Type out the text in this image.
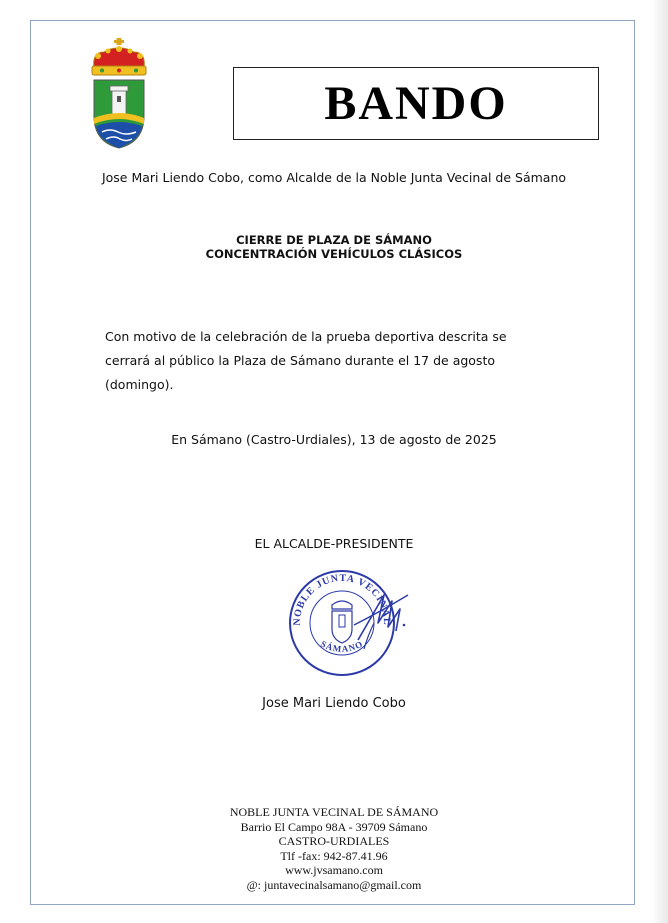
BANDO
Jose Mari Liendo Cobo, como Alcalde de la Noble Junta Vecinal de Sámano
CIERRE DE PLAZA DE SÁMANO
CONCENTRACIÓN VEHÍCULOS CLÁSICOS
Con motivo de la celebración de la prueba deportiva descrita se cerrará al público la Plaza de Sámano durante el 17 de agosto (domingo).
En Sámano (Castro-Urdiales), 13 de agosto de 2025
EL ALCALDE-PRESIDENTE
NOBLE JUNTA VECINAL
SÁMANO
Jose Mari Liendo Cobo
NOBLE JUNTA VECINAL DE SÁMANO
Barrio El Campo 98A - 39709 Sámano
CASTRO-URDIALES
Tlf -fax: 942-87.41.96
www.jvsamano.com
@: juntavecinalsamano@gmail.com
